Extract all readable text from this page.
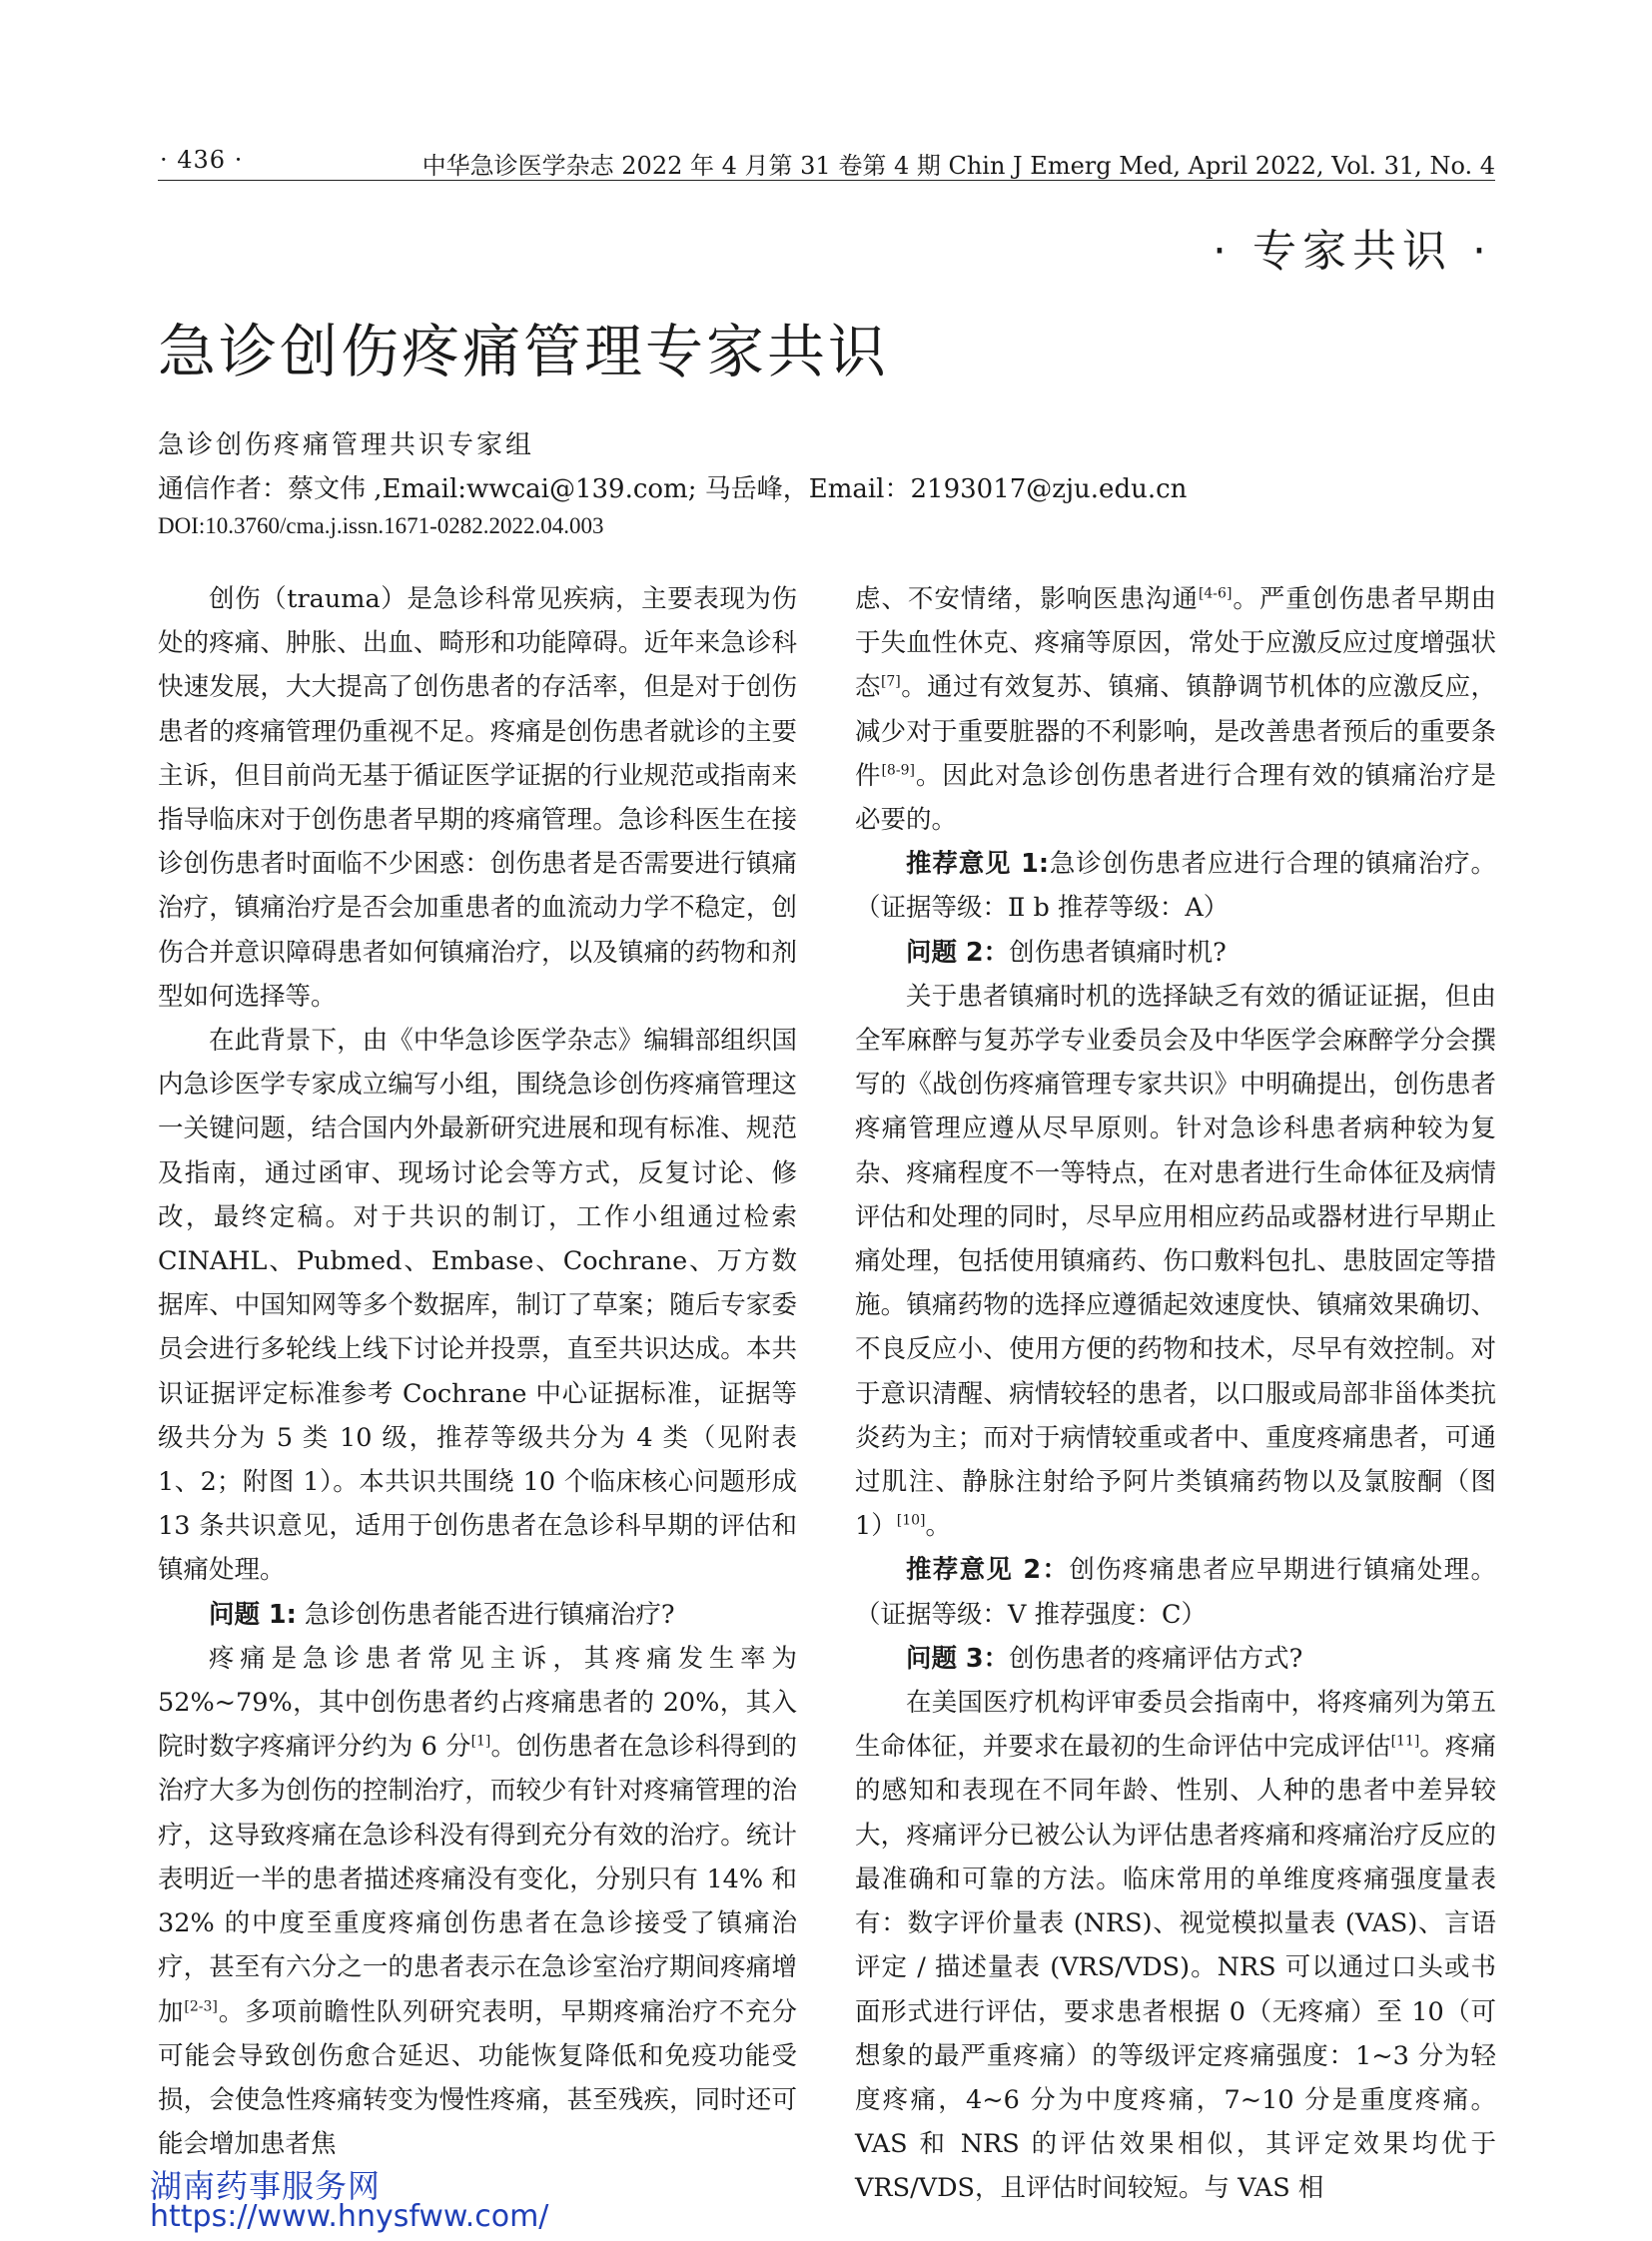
· 436 ·	中华急诊医学杂志 2022 年 4 月第 31 卷第 4 期 Chin J Emerg Med, April 2022, Vol. 31, No. 4
· 专家共识 ·
急诊创伤疼痛管理专家共识
急诊创伤疼痛管理共识专家组
通信作者：蔡文伟 ,Email:wwcai@139.com; 马岳峰，Email：2193017@zju.edu.cn
DOI:10.3760/cma.j.issn.1671-0282.2022.04.003

创伤（trauma）是急诊科常见疾病，主要表现为伤处的疼痛、肿胀、出血、畸形和功能障碍。近年来急诊科快速发展，大大提高了创伤患者的存活率，但是对于创伤患者的疼痛管理仍重视不足。疼痛是创伤患者就诊的主要主诉，但目前尚无基于循证医学证据的行业规范或指南来指导临床对于创伤患者早期的疼痛管理。急诊科医生在接诊创伤患者时面临不少困惑：创伤患者是否需要进行镇痛治疗，镇痛治疗是否会加重患者的血流动力学不稳定，创伤合并意识障碍患者如何镇痛治疗，以及镇痛的药物和剂型如何选择等。

在此背景下，由《中华急诊医学杂志》编辑部组织国内急诊医学专家成立编写小组，围绕急诊创伤疼痛管理这一关键问题，结合国内外最新研究进展和现有标准、规范及指南，通过函审、现场讨论会等方式，反复讨论、修改，最终定稿。对于共识的制订，工作小组通过检索 CINAHL、Pubmed、Embase、Cochrane、万方数据库、中国知网等多个数据库，制订了草案；随后专家委员会进行多轮线上线下讨论并投票，直至共识达成。本共识证据评定标准参考 Cochrane 中心证据标准，证据等级共分为 5 类 10 级，推荐等级共分为 4 类（见附表 1、2；附图 1）。本共识共围绕 10 个临床核心问题形成 13 条共识意见，适用于创伤患者在急诊科早期的评估和镇痛处理。

问题 1: 急诊创伤患者能否进行镇痛治疗?

疼痛是急诊患者常见主诉，其疼痛发生率为 52%~79%，其中创伤患者约占疼痛患者的 20%，其入院时数字疼痛评分约为 6 分[1]。创伤患者在急诊科得到的治疗大多为创伤的控制治疗，而较少有针对疼痛管理的治疗，这导致疼痛在急诊科没有得到充分有效的治疗。统计表明近一半的患者描述疼痛没有变化，分别只有 14% 和 32% 的中度至重度疼痛创伤患者在急诊接受了镇痛治疗，甚至有六分之一的患者表示在急诊室治疗期间疼痛增加[2-3]。多项前瞻性队列研究表明，早期疼痛治疗不充分可能会导致创伤愈合延迟、功能恢复降低和免疫功能受损，会使急性疼痛转变为慢性疼痛，甚至残疾，同时还可能会增加患者焦

虑、不安情绪，影响医患沟通[4-6]。严重创伤患者早期由于失血性休克、疼痛等原因，常处于应激反应过度增强状态[7]。通过有效复苏、镇痛、镇静调节机体的应激反应，减少对于重要脏器的不利影响，是改善患者预后的重要条件[8-9]。因此对急诊创伤患者进行合理有效的镇痛治疗是必要的。

推荐意见 1:急诊创伤患者应进行合理的镇痛治疗。（证据等级：Ⅱ b 推荐等级：A）

问题 2：创伤患者镇痛时机?

关于患者镇痛时机的选择缺乏有效的循证证据，但由全军麻醉与复苏学专业委员会及中华医学会麻醉学分会撰写的《战创伤疼痛管理专家共识》中明确提出，创伤患者疼痛管理应遵从尽早原则。针对急诊科患者病种较为复杂、疼痛程度不一等特点，在对患者进行生命体征及病情评估和处理的同时，尽早应用相应药品或器材进行早期止痛处理，包括使用镇痛药、伤口敷料包扎、患肢固定等措施。镇痛药物的选择应遵循起效速度快、镇痛效果确切、不良反应小、使用方便的药物和技术，尽早有效控制。对于意识清醒、病情较轻的患者，以口服或局部非甾体类抗炎药为主；而对于病情较重或者中、重度疼痛患者，可通过肌注、静脉注射给予阿片类镇痛药物以及氯胺酮（图 1）[10]。

推荐意见 2：创伤疼痛患者应早期进行镇痛处理。（证据等级：V 推荐强度：C）

问题 3：创伤患者的疼痛评估方式?

在美国医疗机构评审委员会指南中，将疼痛列为第五生命体征，并要求在最初的生命评估中完成评估[11]。疼痛的感知和表现在不同年龄、性别、人种的患者中差异较大，疼痛评分已被公认为评估患者疼痛和疼痛治疗反应的最准确和可靠的方法。临床常用的单维度疼痛强度量表有：数字评价量表 (NRS)、视觉模拟量表 (VAS)、言语评定 / 描述量表 (VRS/VDS)。NRS 可以通过口头或书面形式进行评估，要求患者根据 0（无疼痛）至 10（可想象的最严重疼痛）的等级评定疼痛强度：1~3 分为轻度疼痛，4~6 分为中度疼痛，7~10 分是重度疼痛。VAS 和 NRS 的评估效果相似，其评定效果均优于 VRS/VDS，且评估时间较短。与 VAS 相

湖南药事服务网
https://www.hnysfww.com/
